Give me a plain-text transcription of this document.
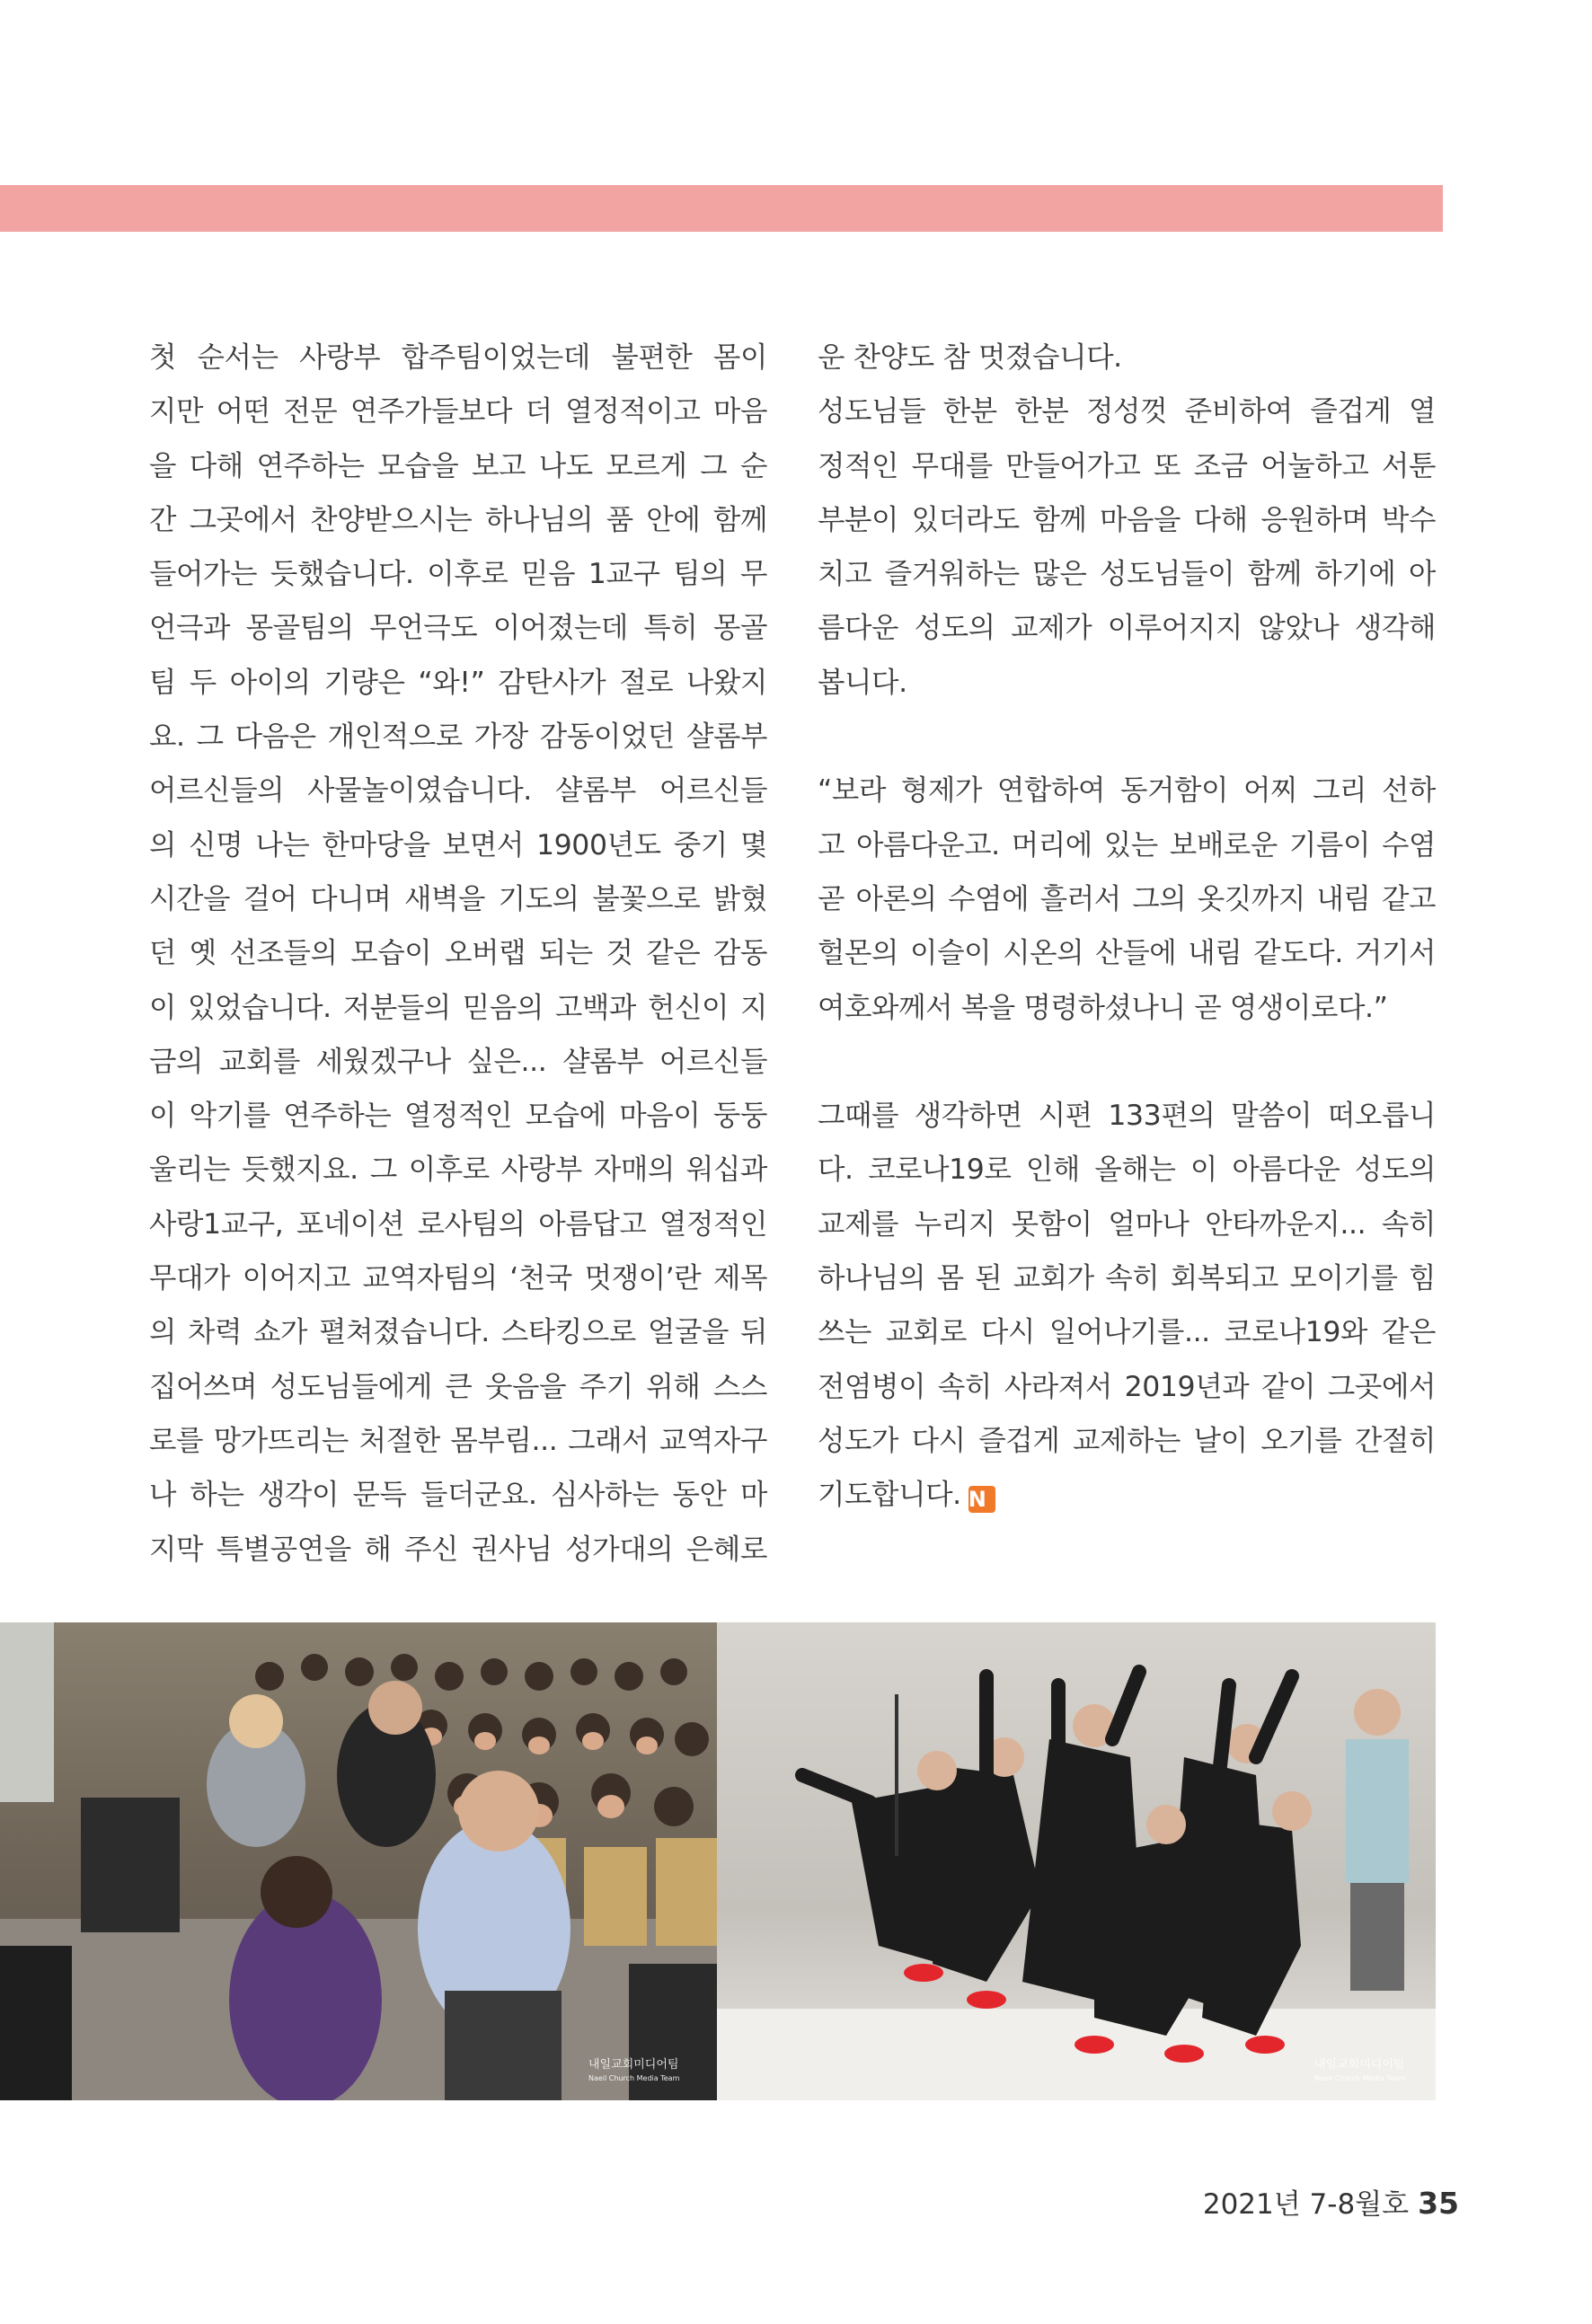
첫 순서는 사랑부 합주팀이었는데 불편한 몸이
지만 어떤 전문 연주가들보다 더 열정적이고 마음
을 다해 연주하는 모습을 보고 나도 모르게 그 순
간 그곳에서 찬양받으시는 하나님의 품 안에 함께
들어가는 듯했습니다. 이후로 믿음 1교구 팀의 무
언극과 몽골팀의 무언극도 이어졌는데 특히 몽골
팀 두 아이의 기량은 “와!” 감탄사가 절로 나왔지
요. 그 다음은 개인적으로 가장 감동이었던 샬롬부
어르신들의 사물놀이였습니다. 샬롬부 어르신들
의 신명 나는 한마당을 보면서 1900년도 중기 몇
시간을 걸어 다니며 새벽을 기도의 불꽃으로 밝혔
던 옛 선조들의 모습이 오버랩 되는 것 같은 감동
이 있었습니다. 저분들의 믿음의 고백과 헌신이 지
금의 교회를 세웠겠구나 싶은... 샬롬부 어르신들
이 악기를 연주하는 열정적인 모습에 마음이 둥둥
울리는 듯했지요. 그 이후로 사랑부 자매의 워십과
사랑1교구, 포네이션 로사팀의 아름답고 열정적인
무대가 이어지고 교역자팀의 ‘천국 멋쟁이’란 제목
의 차력 쇼가 펼쳐졌습니다. 스타킹으로 얼굴을 뒤
집어쓰며 성도님들에게 큰 웃음을 주기 위해 스스
로를 망가뜨리는 처절한 몸부림... 그래서 교역자구
나 하는 생각이 문득 들더군요. 심사하는 동안 마
지막 특별공연을 해 주신 권사님 성가대의 은혜로
운 찬양도 참 멋졌습니다.
성도님들 한분 한분 정성껏 준비하여 즐겁게 열
정적인 무대를 만들어가고 또 조금 어눌하고 서툰
부분이 있더라도 함께 마음을 다해 응원하며 박수
치고 즐거워하는 많은 성도님들이 함께 하기에 아
름다운 성도의 교제가 이루어지지 않았나 생각해
봅니다.
“보라 형제가 연합하여 동거함이 어찌 그리 선하
고 아름다운고. 머리에 있는 보배로운 기름이 수염
곧 아론의 수염에 흘러서 그의 옷깃까지 내림 같고
헐몬의 이슬이 시온의 산들에 내림 같도다. 거기서
여호와께서 복을 명령하셨나니 곧 영생이로다.”
그때를 생각하면 시편 133편의 말씀이 떠오릅니
다. 코로나19로 인해 올해는 이 아름다운 성도의
교제를 누리지 못함이 얼마나 안타까운지... 속히
하나님의 몸 된 교회가 속히 회복되고 모이기를 힘
쓰는 교회로 다시 일어나기를... 코로나19와 같은
전염병이 속히 사라져서 2019년과 같이 그곳에서
성도가 다시 즐겁게 교제하는 날이 오기를 간절히
기도합니다. N
내일교회미디어팀
Naeil Church Media Team
내일교회미디어팀
Naeil Church Media Team
2021년 7-8월호 35
